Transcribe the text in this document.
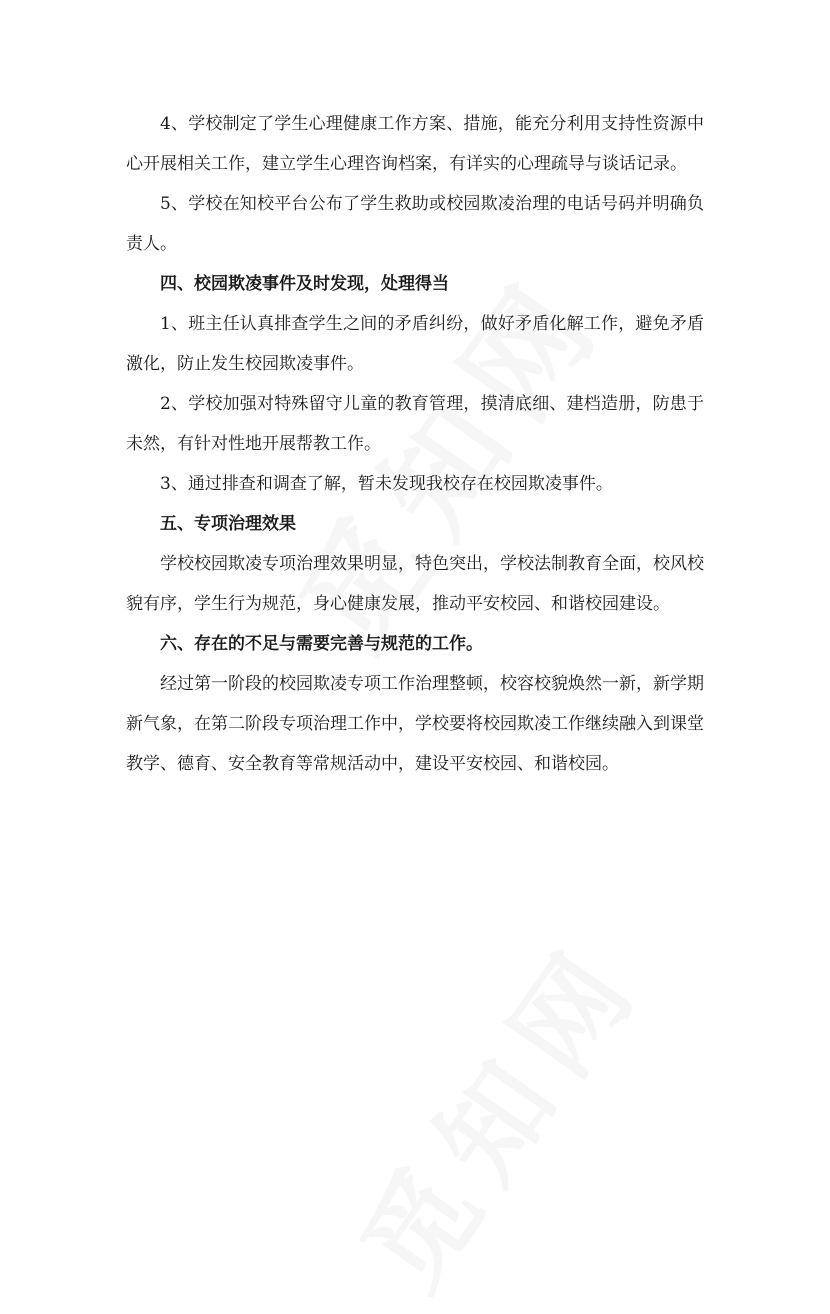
4、学校制定了学生心理健康工作方案、措施，能充分利用支持性资源中心开展相关工作，建立学生心理咨询档案，有详实的心理疏导与谈话记录。

5、学校在知校平台公布了学生救助或校园欺凌治理的电话号码并明确负责人。

四、校园欺凌事件及时发现，处理得当

1、班主任认真排查学生之间的矛盾纠纷，做好矛盾化解工作，避免矛盾激化，防止发生校园欺凌事件。

2、学校加强对特殊留守儿童的教育管理，摸清底细、建档造册，防患于未然，有针对性地开展帮教工作。

3、通过排查和调查了解，暂未发现我校存在校园欺凌事件。

五、专项治理效果

学校校园欺凌专项治理效果明显，特色突出，学校法制教育全面，校风校貌有序，学生行为规范，身心健康发展，推动平安校园、和谐校园建设。

六、存在的不足与需要完善与规范的工作。

经过第一阶段的校园欺凌专项工作治理整顿，校容校貌焕然一新，新学期新气象，在第二阶段专项治理工作中，学校要将校园欺凌工作继续融入到课堂教学、德育、安全教育等常规活动中，建设平安校园、和谐校园。
